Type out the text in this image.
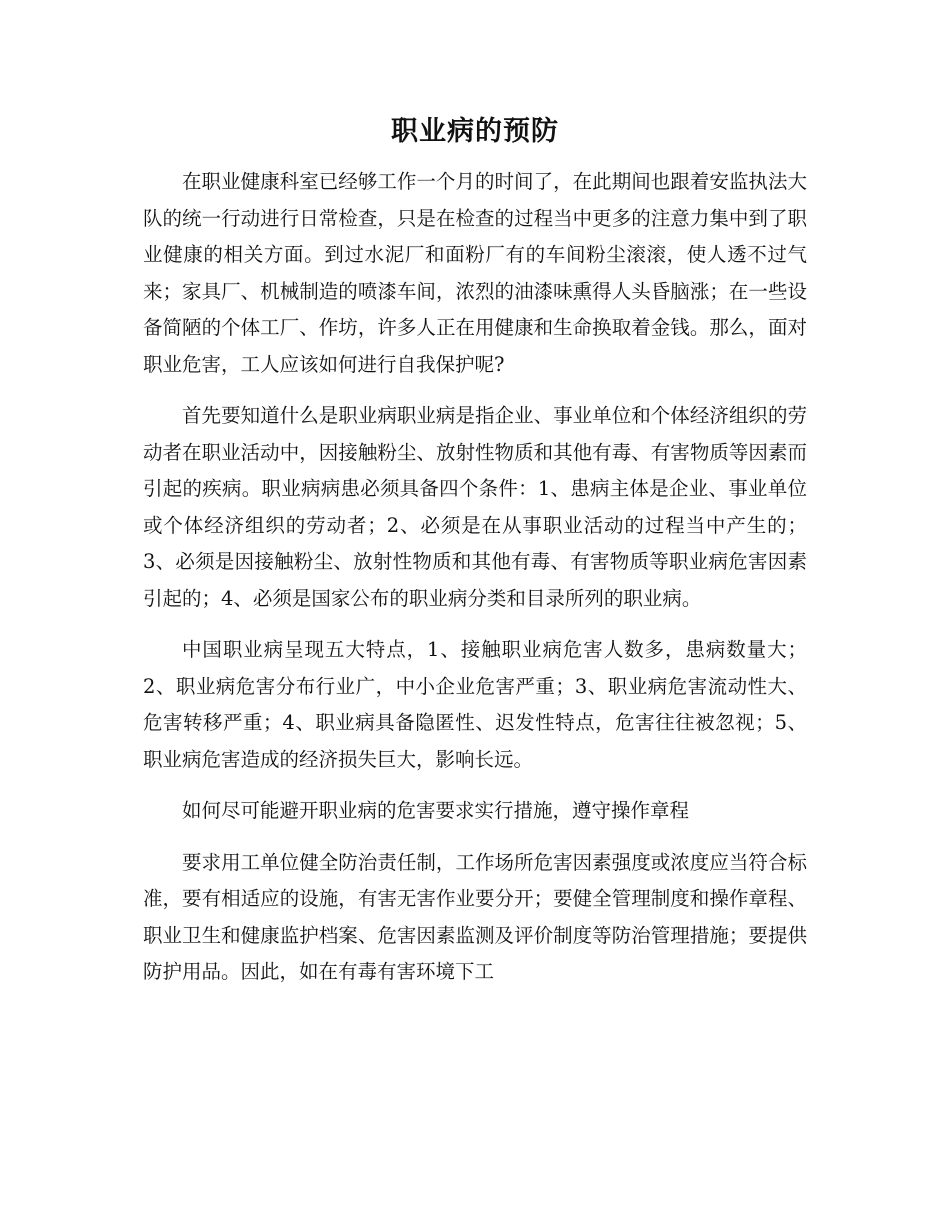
职业病的预防

在职业健康科室已经够工作一个月的时间了，在此期间也跟着安监执法大队的统一行动进行日常检查，只是在检查的过程当中更多的注意力集中到了职业健康的相关方面。到过水泥厂和面粉厂有的车间粉尘滚滚，使人透不过气来；家具厂、机械制造的喷漆车间，浓烈的油漆味熏得人头昏脑涨；在一些设备简陋的个体工厂、作坊，许多人正在用健康和生命换取着金钱。那么，面对职业危害，工人应该如何进行自我保护呢?

首先要知道什么是职业病职业病是指企业、事业单位和个体经济组织的劳动者在职业活动中，因接触粉尘、放射性物质和其他有毒、有害物质等因素而引起的疾病。职业病病患必须具备四个条件：1、患病主体是企业、事业单位或个体经济组织的劳动者；2、必须是在从事职业活动的过程当中产生的；3、必须是因接触粉尘、放射性物质和其他有毒、有害物质等职业病危害因素引起的；4、必须是国家公布的职业病分类和目录所列的职业病。

中国职业病呈现五大特点，1、接触职业病危害人数多，患病数量大；2、职业病危害分布行业广，中小企业危害严重；3、职业病危害流动性大、危害转移严重；4、职业病具备隐匿性、迟发性特点，危害往往被忽视；5、职业病危害造成的经济损失巨大，影响长远。

如何尽可能避开职业病的危害要求实行措施，遵守操作章程

要求用工单位健全防治责任制，工作场所危害因素强度或浓度应当符合标准，要有相适应的设施，有害无害作业要分开；要健全管理制度和操作章程、职业卫生和健康监护档案、危害因素监测及评价制度等防治管理措施；要提供防护用品。因此，如在有毒有害环境下工
